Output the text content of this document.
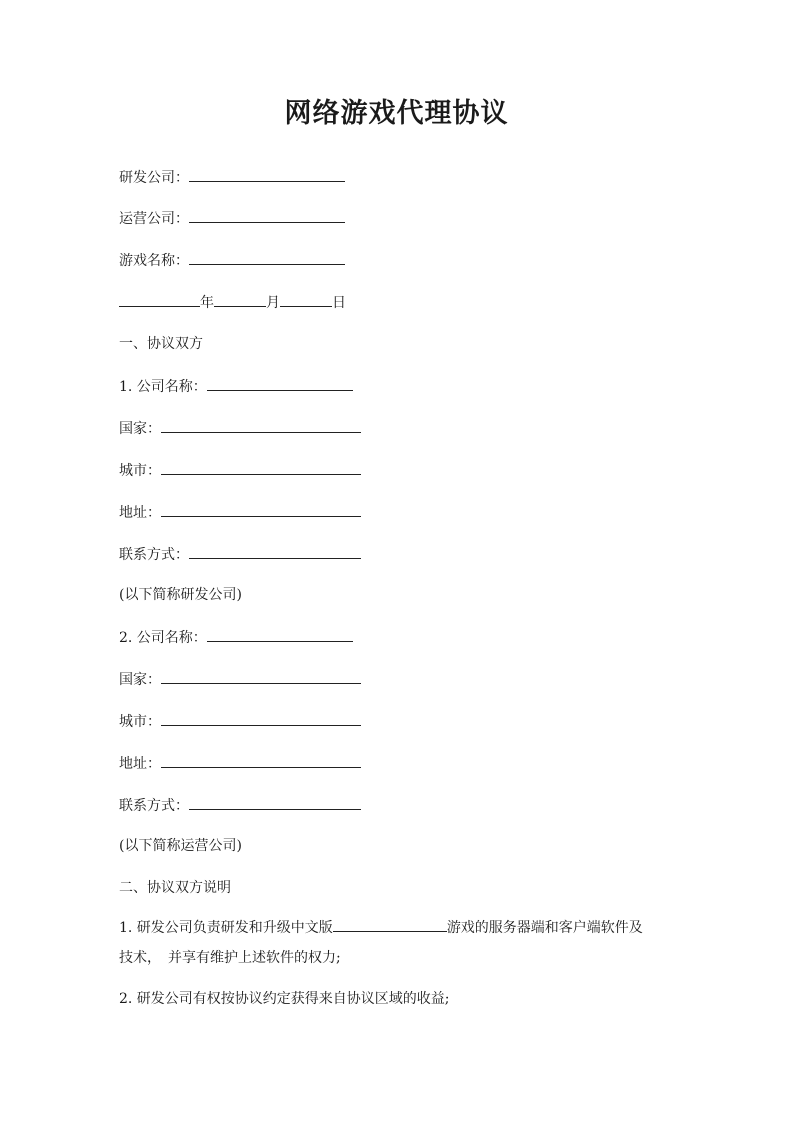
网络游戏代理协议
研发公司：
运营公司：
游戏名称：
年	月	日
一、协议双方
1. 公司名称：
国家：
城市：
地址：
联系方式：
(以下简称研发公司)
2. 公司名称：
国家：
城市：
地址：
联系方式：
(以下简称运营公司)
二、协议双方说明
1. 研发公司负责研发和升级中文版	游戏的服务器端和客户端软件及
技术，　并享有维护上述软件的权力;
2. 研发公司有权按协议约定获得来自协议区域的收益;
